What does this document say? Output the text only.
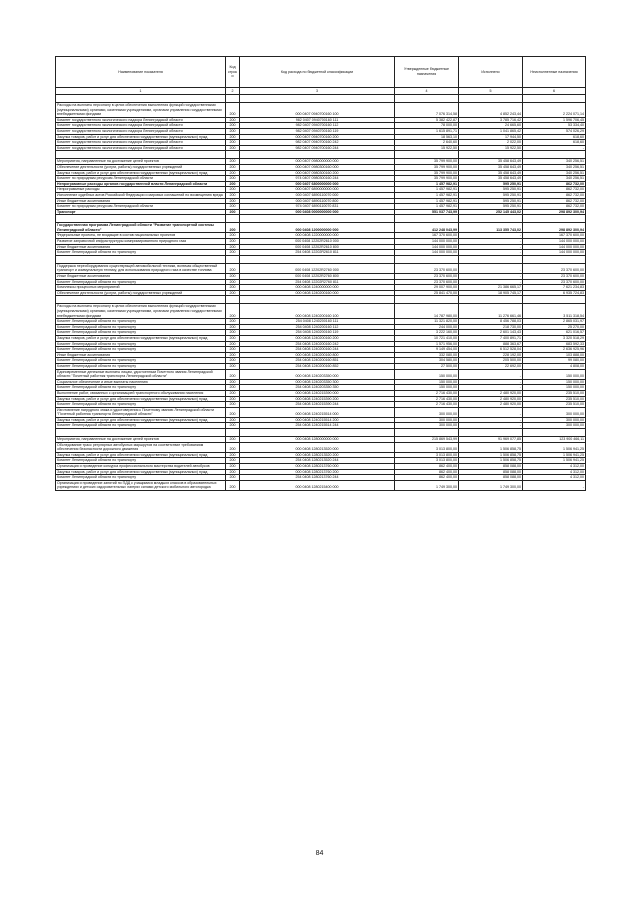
Наименование показателя	Код строк и	Код расхода по бюджетной классификации	Утвержденные бюджетные назначения	Исполнено	Неисполненные назначения
1	2	3	4	5	6

Расходы на выплаты персоналу в целях обеспечения выполнения функций государственными (муниципальными) органами, казенными учреждениями, органами управления государственными внебюджетными фондами	200	000 0407 0940700160 100	7 076 314,58	4 852 243,44	2 224 071,14
Комитет государственного экологического надзора Ленинградской области	200	982 0407 0940700160 111	5 382 422,87	3 785 716,42	1 596 706,45
Комитет государственного экологического надзора Ленинградской области	200	982 0407 0940700160 112	78 000,00	24 665,60	53 334,40
Комитет государственного экологического надзора Ленинградской области	200	982 0407 0940700160 119	1 615 891,71	1 041 865,42	574 026,29
Закупка товаров, работ и услуг для обеспечения государственных (муниципальных) нужд	200	000 0407 0940700160 200	18 563,10	17 944,50	618,60
Комитет государственного экологического надзора Ленинградской области	200	982 0407 0940700160 242	2 640,60	2 022,00	618,60
Комитет государственного экологического надзора Ленинградской области	200	982 0407 0940700160 244	15 922,50	15 922,50	-

Мероприятия, направленные на достижение целей проектов	200	000 0407 0980000000 000	35 799 900,00	35 458 643,49	340 256,51
Обеспечение деятельности (услуги, работы) государственных учреждений	200	000 0407 0980300160 000	35 799 900,00	35 458 643,49	340 256,51
Закупка товаров, работ и услуг для обеспечения государственных (муниципальных) нужд	200	000 0407 0980300160 200	35 799 900,00	35 458 643,49	340 256,51
Комитет по природным ресурсам Ленинградской области	200	974 0407 0980300160 244	35 799 900,00	35 458 643,49	340 256,51
Непрограммные расходы органов государственной власти Ленинградской области	200	000 0407 6800000000 000	1 457 982,91	595 250,91	862 732,00
Непрограммные расходы	200	000 0407 6890000000 000	1 457 982,91	595 250,91	862 732,00
Исполнение судебных актов Российской Федерации и мировых соглашений по возмещению вреда	200	000 0407 6890110070 000	1 457 982,91	595 250,91	862 732,00
Иные бюджетные ассигнования	200	000 0407 6890110070 800	1 457 982,91	595 250,91	862 732,00
Комитет по природным ресурсам Ленинградской области	200	974 0407 6890110070 831	1 457 982,91	595 250,91	862 732,00
Транспорт	200	000 0408 0000000000 000	551 037 743,99	252 145 443,02	298 892 300,94

Государственная программа Ленинградской области "Развитие транспортной системы Ленинградской области"	200	000 0408 1200000000 000	412 248 043,99	113 355 743,02	298 892 300,94
Федеральные проекты, не входящие в состав национальных проектов	200	000 0408 1220000000 000	167 370 600,00	-	167 370 600,00
Развитие заправочной инфраструктуры компримированного природного газа	200	000 0408 12202R2610 000	144 000 000,00	-	144 000 000,00
Иные бюджетные ассигнования	200	000 0408 12202R2610 800	144 000 000,00	-	144 000 000,00
Комитет Ленинградской области по транспорту	200	254 0408 12202R2610 811	144 000 000,00	-	144 000 000,00

Поддержка переоборудования существующей автомобильной техники, включая общественный транспорт и коммунальную технику, для использования природного газа в качестве топлива	200	000 0408 12202R2760 000	23 370 600,00	-	23 370 600,00
Иные бюджетные ассигнования	200	000 0408 12202R2760 800	23 370 600,00	-	23 370 600,00
Комитет Ленинградской области по транспорту	200	254 0408 12202R2760 811	23 370 600,00	-	23 370 600,00
Комплексы процессных мероприятий	200	000 0408 1240000000 000	29 007 900,00	21 386 665,17	7 621 234,83
Обеспечение деятельности (услуги, работы) государственных учреждений	200	000 0408 1240200160 000	25 841 470,00	18 905 745,17	6 935 724,83

Расходы на выплаты персоналу в целях обеспечения выполнения функций государственными (муниципальными) органами, казенными учреждениями, органами управления государственными внебюджетными фондами	200	000 0408 1240200160 100	14 787 980,00	11 276 661,46	3 511 318,54
Комитет Ленинградской области по транспорту	200	254 0408 1240200160 111	11 321 820,00	8 456 788,03	2 865 031,97
Комитет Ленинградской области по транспорту	200	254 0408 1240200160 112	244 000,00	218 730,00	25 270,00
Комитет Ленинградской области по транспорту	200	254 0408 1240200160 119	3 222 160,00	2 601 143,43	621 016,57
Закупка товаров, работ и услуг для обеспечения государственных (муниципальных) нужд	200	000 0408 1240200160 200	10 721 410,00	7 400 891,71	3 320 518,29
Комитет Ленинградской области по транспорту	200	254 0408 1240200160 242	1 571 956,00	888 363,67	683 592,33
Комитет Ленинградской области по транспорту	200	254 0408 1240200160 244	9 149 454,00	6 512 528,04	2 636 925,96
Иные бюджетные ассигнования	200	000 0408 1240200160 800	332 080,00	228 192,00	103 888,00
Комитет Ленинградской области по транспорту	200	254 0408 1240200160 851	304 580,00	205 500,00	99 080,00
Комитет Ленинградской области по транспорту	200	254 0408 1240200160 852	27 500,00	22 692,00	4 808,00
Единовременные денежные выплаты лицам, удостоенным Почетного звания Ленинградской области "Почетный работник транспорта Ленинградской области"	200	000 0408 1240203350 000	150 000,00	-	150 000,00
Социальное обеспечение и иные выплаты населению	200	000 0408 1240203350 300	150 000,00	-	150 000,00
Комитет Ленинградской области по транспорту	200	254 0408 1240203350 350	150 000,00	-	150 000,00
Выполнение работ, связанных с организацией транспортного обслуживания населения	200	000 0408 1240215390 000	2 716 430,00	2 480 920,00	235 510,00
Закупка товаров, работ и услуг для обеспечения государственных (муниципальных) нужд	200	000 0408 1240215390 200	2 716 430,00	2 480 920,00	235 510,00
Комитет Ленинградской области по транспорту	200	254 0408 1240215390 244	2 716 430,00	2 480 920,00	235 510,00
Изготовление нагрудного знака и удостоверения к Почетному званию Ленинградской области "Почетный работник транспорта Ленинградской области"	200	000 0408 1240215514 000	300 000,00	-	300 000,00
Закупка товаров, работ и услуг для обеспечения государственных (муниципальных) нужд	200	000 0408 1240215514 200	300 000,00	-	300 000,00
Комитет Ленинградской области по транспорту	200	254 0408 1240215514 244	300 000,00	-	300 000,00

Мероприятия, направленные на достижение целей проектов	200	000 0408 1280000000 000	215 869 543,99	91 969 077,85	123 900 466,11
Обследование трасс регулярных автобусных маршрутов на соответствие требованиям обеспечения безопасности дорожного движения	200	000 0408 1280213520 000	3 013 800,00	1 506 858,75	1 506 941,25
Закупка товаров, работ и услуг для обеспечения государственных (муниципальных) нужд	200	000 0408 1280213520 200	3 013 800,00	1 506 858,75	1 506 941,25
Комитет Ленинградской области по транспорту	200	254 0408 1280213520 244	3 013 800,00	1 506 858,75	1 506 941,25
Организация и проведение конкурса профессионального мастерства водителей автобусов	200	000 0408 1280213760 000	862 400,00	858 088,00	4 312,00
Закупка товаров, работ и услуг для обеспечения государственных (муниципальных) нужд	200	000 0408 1280213760 200	862 400,00	858 088,00	4 312,00
Комитет Ленинградской области по транспорту	200	254 0408 1280213760 244	862 400,00	858 088,00	4 312,00
Организация и проведение занятий по ПДД с учащимися младших классов в образовательных учреждениях и детских оздоровительных лагерях силами детского мобильного автогородка	200	000 0408 1280215400 000	1 749 300,00	1 749 300,00	-
84
